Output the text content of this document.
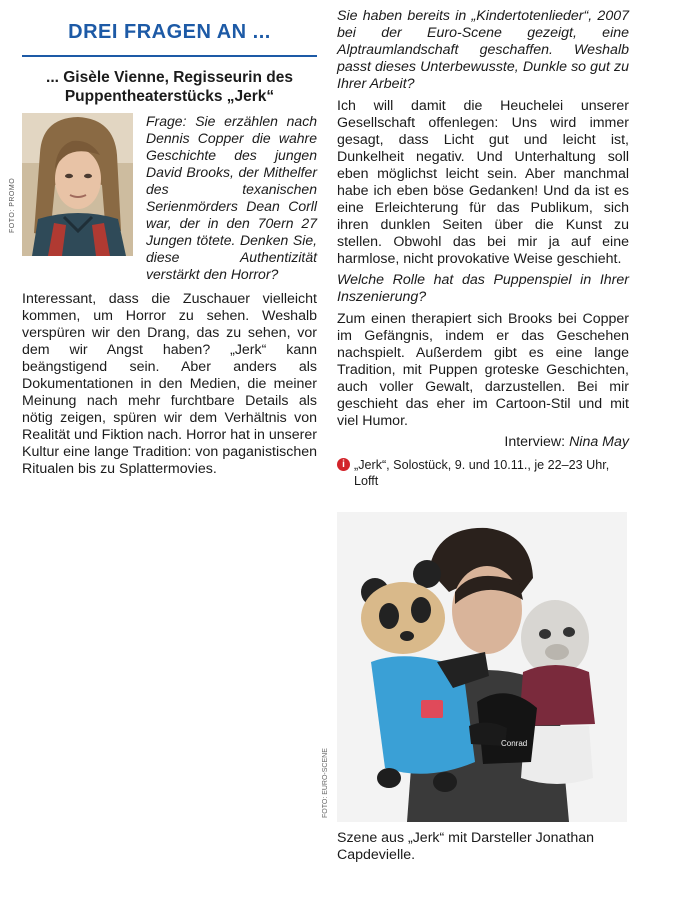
DREI FRAGEN AN ...
... Gisèle Vienne, Regisseurin des Puppentheaterstücks „Jerk“
FOTO: PROMO

Frage: Sie erzählen nach Dennis Copper die wahre Geschichte des jungen David Brooks, der Mithelfer des texanischen Serienmörders Dean Corll war, der in den 70ern 27 Jungen tötete. Denken Sie, diese Authentizität verstärkt den Horror?

Interessant, dass die Zuschauer vielleicht kommen, um Horror zu sehen. Weshalb verspüren wir den Drang, das zu sehen, vor dem wir Angst haben? „Jerk“ kann beängstigend sein. Aber anders als Dokumentationen in den Medien, die meiner Meinung nach mehr furchtbare Details als nötig zeigen, spüren wir dem Verhältnis von Realität und Fiktion nach. Horror hat in unserer Kultur eine lange Tradition: von paganistischen Ritualen bis zu Splattermovies.

Sie haben bereits in „Kindertotenlieder“, 2007 bei der Euro-Scene gezeigt, eine Alptraumlandschaft geschaffen. Weshalb passt dieses Unterbewusste, Dunkle so gut zu Ihrer Arbeit?

Ich will damit die Heuchelei unserer Gesellschaft offenlegen: Uns wird immer gesagt, dass Licht gut und leicht ist, Dunkelheit negativ. Und Unterhaltung soll eben möglichst leicht sein. Aber manchmal habe ich eben böse Gedanken! Und da ist es eine Erleichterung für das Publikum, sich ihren dunklen Seiten über die Kunst zu stellen. Obwohl das bei mir ja auf eine harmlose, nicht provokative Weise geschieht.

Welche Rolle hat das Puppenspiel in Ihrer Inszenierung?

Zum einen therapiert sich Brooks bei Copper im Gefängnis, indem er das Geschehen nachspielt. Außerdem gibt es eine lange Tradition, mit Puppen groteske Geschichten, auch voller Gewalt, darzustellen. Bei mir geschieht das eher im Cartoon-Stil und mit viel Humor.

Interview: Nina May

i „Jerk“, Solostück, 9. und 10.11., je 22–23 Uhr, Lofft

Conrad
FOTO: EURO-SCENE

Szene aus „Jerk“ mit Darsteller Jonathan Capdevielle.
